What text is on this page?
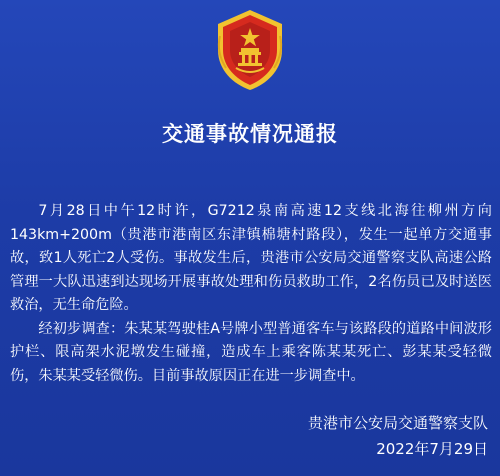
交通事故情况通报

7月28日中午12时许，G7212泉南高速12支线北海往柳州方向143km+200m（贵港市港南区东津镇棉塘村路段），发生一起单方交通事故，致1人死亡2人受伤。事故发生后，贵港市公安局交通警察支队高速公路管理一大队迅速到达现场开展事故处理和伤员救助工作，2名伤员已及时送医救治，无生命危险。

经初步调查：朱某某驾驶桂A号牌小型普通客车与该路段的道路中间波形护栏、限高架水泥墩发生碰撞，造成车上乘客陈某某死亡、彭某某受轻微伤，朱某某受轻微伤。目前事故原因正在进一步调查中。

贵港市公安局交通警察支队
2022年7月29日
